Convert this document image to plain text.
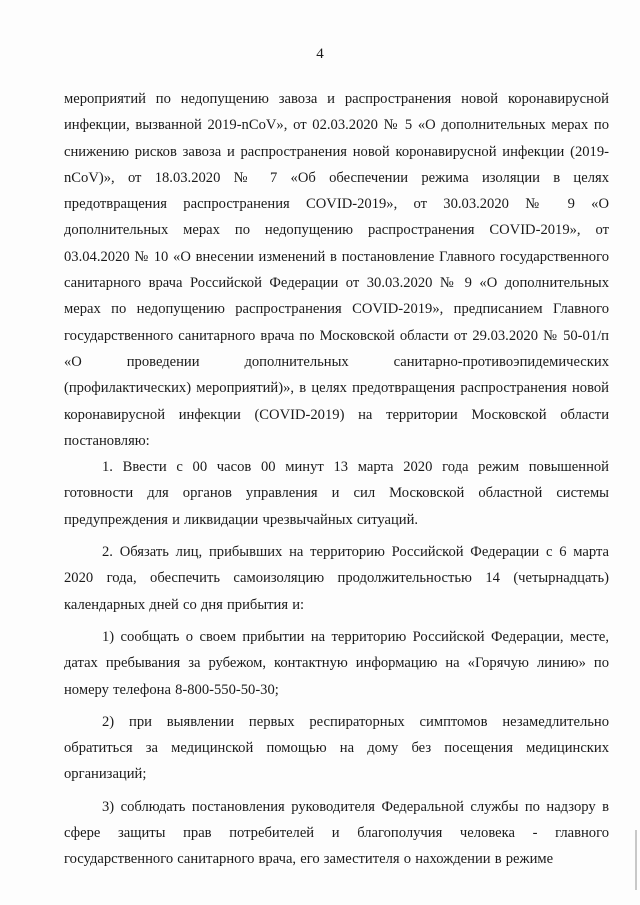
4

мероприятий по недопущению завоза и распространения новой коронавирусной инфекции, вызванной 2019-nCoV», от 02.03.2020 № 5 «О дополнительных мерах по снижению рисков завоза и распространения новой коронавирусной инфекции (2019-nCoV)», от 18.03.2020 № 7 «Об обеспечении режима изоляции в целях предотвращения распространения COVID-2019», от 30.03.2020 № 9 «О дополнительных мерах по недопущению распространения COVID-2019», от 03.04.2020 № 10 «О внесении изменений в постановление Главного государственного санитарного врача Российской Федерации от 30.03.2020 № 9 «О дополнительных мерах по недопущению распространения COVID-2019», предписанием Главного государственного санитарного врача по Московской области от 29.03.2020 № 50-01/п «О проведении дополнительных санитарно-противоэпидемических (профилактических) мероприятий)», в целях предотвращения распространения новой коронавирусной инфекции (COVID-2019) на территории Московской области постановляю:

1. Ввести с 00 часов 00 минут 13 марта 2020 года режим повышенной готовности для органов управления и сил Московской областной системы предупреждения и ликвидации чрезвычайных ситуаций.

2. Обязать лиц, прибывших на территорию Российской Федерации с 6 марта 2020 года, обеспечить самоизоляцию продолжительностью 14 (четырнадцать) календарных дней со дня прибытия и:

1) сообщать о своем прибытии на территорию Российской Федерации, месте, датах пребывания за рубежом, контактную информацию на «Горячую линию» по номеру телефона 8-800-550-50-30;

2) при выявлении первых респираторных симптомов незамедлительно обратиться за медицинской помощью на дому без посещения медицинских организаций;

3) соблюдать постановления руководителя Федеральной службы по надзору в сфере защиты прав потребителей и благополучия человека - главного государственного санитарного врача, его заместителя о нахождении в режиме
